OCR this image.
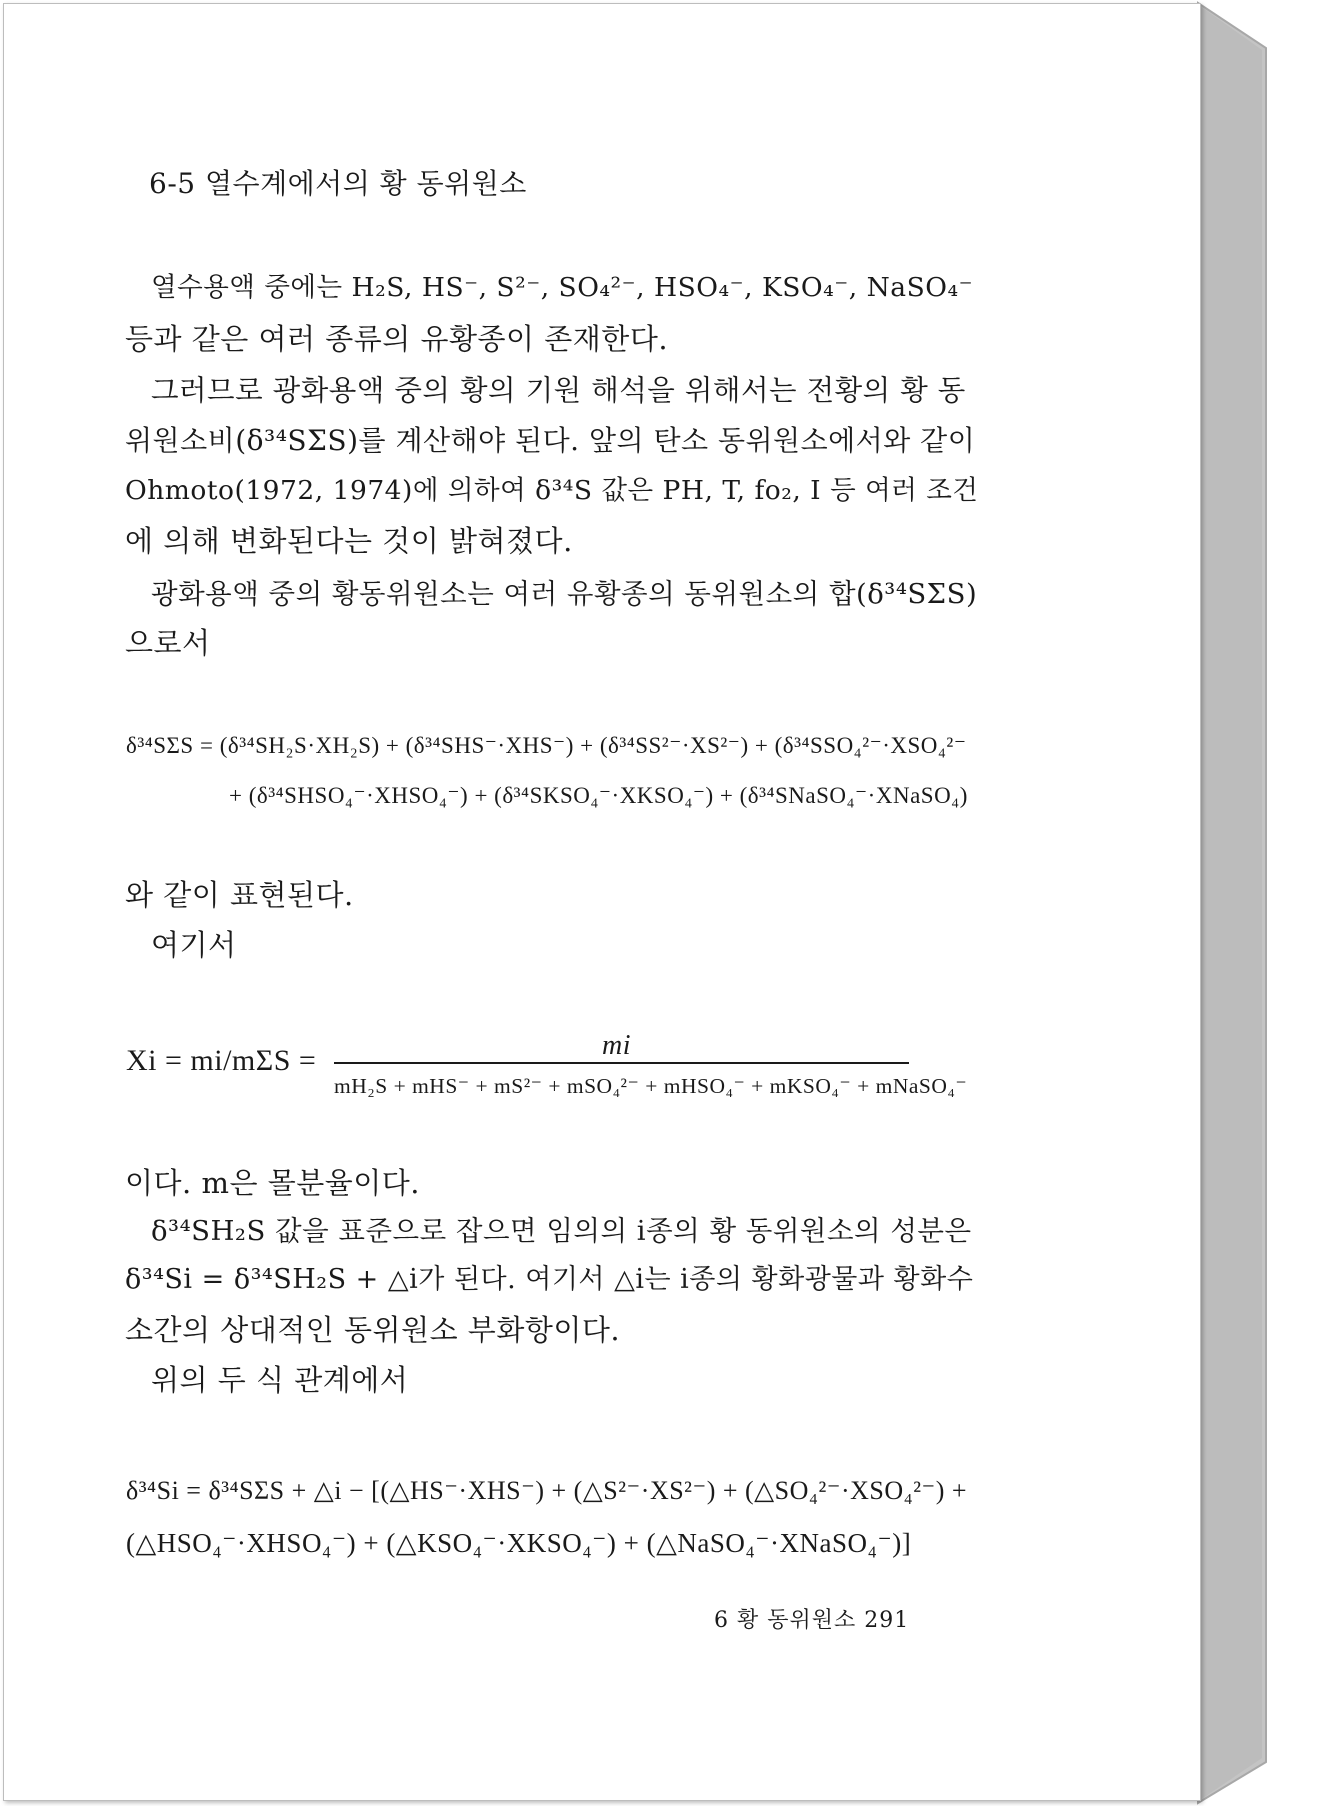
6-5 열수계에서의 황 동위원소
열수용액 중에는 H₂S, HS⁻, S²⁻, SO₄²⁻, HSO₄⁻, KSO₄⁻, NaSO₄⁻
등과 같은 여러 종류의 유황종이 존재한다.
그러므로 광화용액 중의 황의 기원 해석을 위해서는 전황의 황 동
위원소비(δ³⁴SΣS)를 계산해야 된다. 앞의 탄소 동위원소에서와 같이
Ohmoto(1972, 1974)에 의하여 δ³⁴S 값은 PH, T, fo₂, I 등 여러 조건
에 의해 변화된다는 것이 밝혀졌다.
광화용액 중의 황동위원소는 여러 유황종의 동위원소의 합(δ³⁴SΣS)
으로서
δ³⁴SΣS = (δ³⁴SH₂S·XH₂S) + (δ³⁴SHS⁻·XHS⁻) + (δ³⁴SS²⁻·XS²⁻) + (δ³⁴SSO₄²⁻·XSO₄²⁻
+ (δ³⁴SHSO₄⁻·XHSO₄⁻) + (δ³⁴SKSO₄⁻·XKSO₄⁻) + (δ³⁴SNaSO₄⁻·XNaSO₄)
와 같이 표현된다.
여기서
Xi = mi/mΣS =	mi
mH₂S + mHS⁻ + mS²⁻ + mSO₄²⁻ + mHSO₄⁻ + mKSO₄⁻ + mNaSO₄⁻
이다. m은 몰분율이다.
δ³⁴SH₂S 값을 표준으로 잡으면 임의의 i종의 황 동위원소의 성분은
δ³⁴Si = δ³⁴SH₂S + △i가 된다. 여기서 △i는 i종의 황화광물과 황화수
소간의 상대적인 동위원소 부화항이다.
위의 두 식 관계에서
δ³⁴Si = δ³⁴SΣS + △i − [(△HS⁻·XHS⁻) + (△S²⁻·XS²⁻) + (△SO₄²⁻·XSO₄²⁻) +
(△HSO₄⁻·XHSO₄⁻) + (△KSO₄⁻·XKSO₄⁻) + (△NaSO₄⁻·XNaSO₄⁻)]
6 황 동위원소 291
